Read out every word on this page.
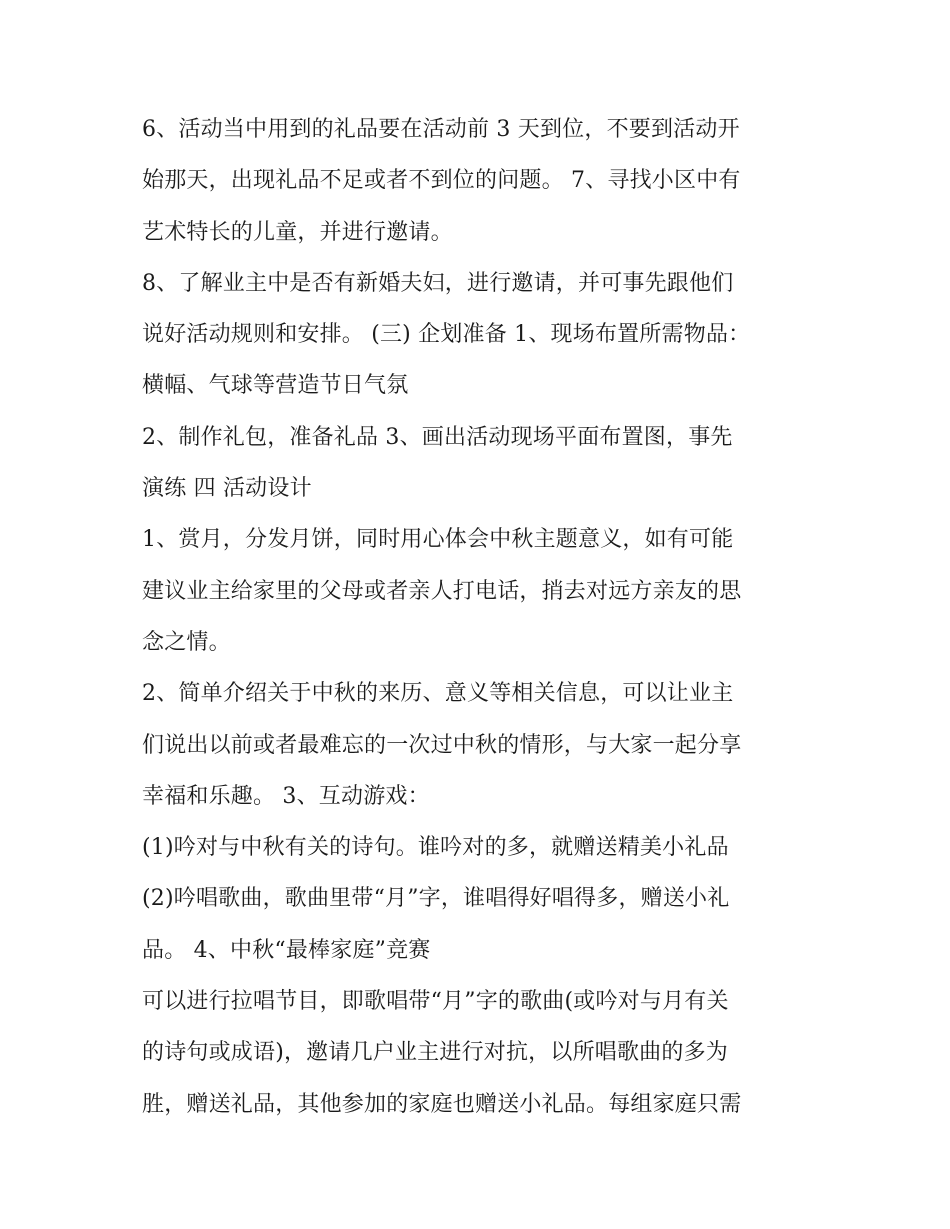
6、活动当中用到的礼品要在活动前 3 天到位，不要到活动开
始那天，出现礼品不足或者不到位的问题。 7、寻找小区中有
艺术特长的儿童，并进行邀请。
8、了解业主中是否有新婚夫妇，进行邀请，并可事先跟他们
说好活动规则和安排。 (三) 企划准备 1、现场布置所需物品：
横幅、气球等营造节日气氛
2、制作礼包，准备礼品 3、画出活动现场平面布置图，事先
演练 四 活动设计
1、赏月，分发月饼，同时用心体会中秋主题意义，如有可能
建议业主给家里的父母或者亲人打电话，捎去对远方亲友的思
念之情。
2、简单介绍关于中秋的来历、意义等相关信息，可以让业主
们说出以前或者最难忘的一次过中秋的情形，与大家一起分享
幸福和乐趣。 3、互动游戏：
(1)吟对与中秋有关的诗句。谁吟对的多，就赠送精美小礼品
(2)吟唱歌曲，歌曲里带“月”字，谁唱得好唱得多，赠送小礼
品。 4、中秋“最棒家庭”竞赛
可以进行拉唱节目，即歌唱带“月”字的歌曲(或吟对与月有关
的诗句或成语)，邀请几户业主进行对抗，以所唱歌曲的多为
胜，赠送礼品，其他参加的家庭也赠送小礼品。每组家庭只需
